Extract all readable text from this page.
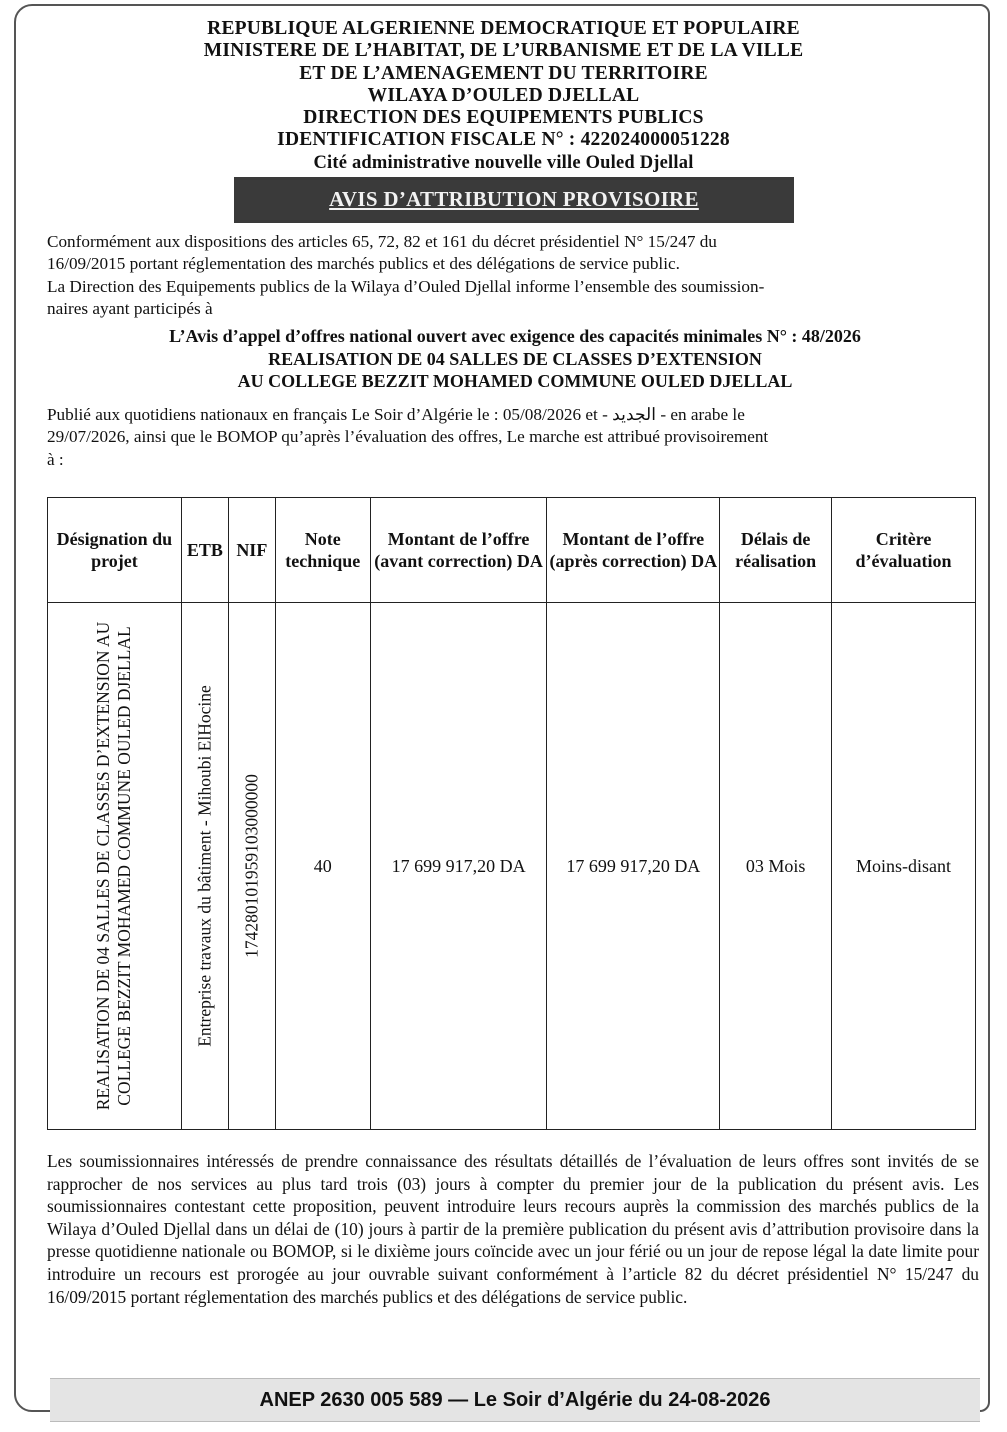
REPUBLIQUE ALGERIENNE DEMOCRATIQUE ET POPULAIRE
MINISTERE DE L’HABITAT, DE L’URBANISME ET DE LA VILLE
ET DE L’AMENAGEMENT DU TERRITOIRE
WILAYA D’OULED DJELLAL
DIRECTION DES EQUIPEMENTS PUBLICS
IDENTIFICATION FISCALE N° : 422024000051228
Cité administrative nouvelle ville Ouled Djellal
AVIS D’ATTRIBUTION PROVISOIRE
Conformément aux dispositions des articles 65, 72, 82 et 161 du décret présidentiel N° 15/247 du
16/09/2015 portant réglementation des marchés publics et des délégations de service public.
La Direction des Equipements publics de la Wilaya d’Ouled Djellal informe l’ensemble des soumission-
naires ayant participés à
L’Avis d’appel d’offres national ouvert avec exigence des capacités minimales N° : 48/2026
REALISATION DE 04 SALLES DE CLASSES D’EXTENSION
AU COLLEGE BEZZIT MOHAMED COMMUNE OULED DJELLAL
Publié aux quotidiens nationaux en français Le Soir d’Algérie le : 05/08/2026 et - الجديد - en arabe le
29/07/2026, ainsi que le BOMOP qu’après l’évaluation des offres, Le marche est attribué provisoirement
à :
Désignation du projet	ETB	NIF	Note technique	Montant de l’offre (avant correction) DA	Montant de l’offre (après correction) DA	Délais de réalisation	Critère d’évaluation

REALISATION DE 04 SALLES DE CLASSES D’EXTENSION AU COLLEGE BEZZIT MOHAMED COMMUNE OULED DJELLAL	Entreprise travaux du bâtiment - Mihoubi ElHocine	174280101959103000000	40	17 699 917,20 DA	17 699 917,20 DA	03 Mois	Moins-disant
Les soumissionnaires intéressés de prendre connaissance des résultats détaillés de l’évaluation de leurs offres sont invités de se rapprocher de nos services au plus tard trois (03) jours à compter du premier jour de la publication du présent avis. Les soumissionnaires contestant cette proposition, peuvent introduire leurs recours auprès la commission des marchés publics de la Wilaya d’Ouled Djellal dans un délai de (10) jours à partir de la première publication du présent avis d’attribution provisoire dans la presse quotidienne nationale ou BOMOP, si le dixième jours coïncide avec un jour férié ou un jour de repose légal la date limite pour introduire un recours est prorogée au jour ouvrable suivant conformément à l’article 82 du décret présidentiel N° 15/247 du 16/09/2015 portant réglementation des marchés publics et des délégations de service public.
ANEP 2630 005 589 — Le Soir d’Algérie du 24-08-2026
